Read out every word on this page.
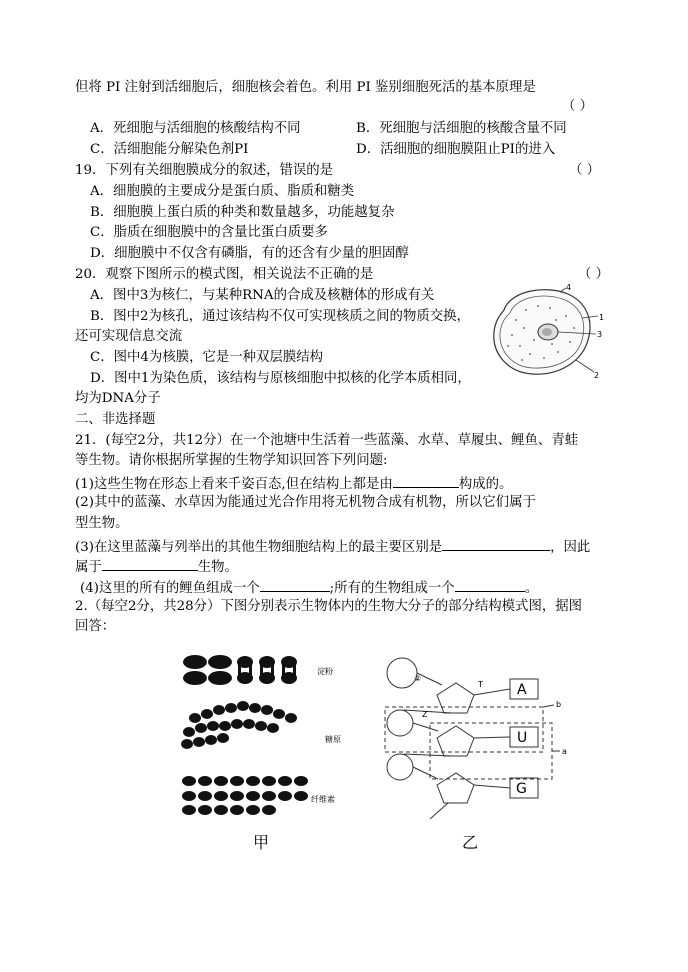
但将 PI 注射到活细胞后，细胞核会着色。利用 PI 鉴别细胞死活的基本原理是
（ ）
A．死细胞与活细胞的核酸结构不同	B．死细胞与活细胞的核酸含量不同
C．活细胞能分解染色剂PI	D．活细胞的细胞膜阻止PI的进入
19．下列有关细胞膜成分的叙述，错误的是	（ ）
A．细胞膜的主要成分是蛋白质、脂质和糖类
B．细胞膜上蛋白质的种类和数量越多，功能越复杂
C．脂质在细胞膜中的含量比蛋白质要多
D．细胞膜中不仅含有磷脂，有的还含有少量的胆固醇
20．观察下图所示的模式图，相关说法不正确的是	（ ）
A．图中3为核仁，与某种RNA的合成及核糖体的形成有关
B．图中2为核孔，通过该结构不仅可实现核质之间的物质交换，
还可实现信息交流
C．图中4为核膜，它是一种双层膜结构
D．图中1为染色质，该结构与原核细胞中拟核的化学本质相同，
均为DNA分子
4
1
3
2
二、非选择题
21．(每空2分，共12分）在一个池塘中生活着一些蓝藻、水草、草履虫、鲤鱼、青蛙
等生物。请你根据所掌握的生物学知识回答下列问题:
(1)这些生物在形态上看来千姿百态,但在结构上都是由	构成的。
(2)其中的蓝藻、水草因为能通过光合作用将无机物合成有机物，所以它们属于
型生物。
(3)在这里蓝藻与列举出的其他生物细胞结构上的最主要区别是	，因此
属于	生物。
(4)这里的所有的鲤鱼组成一个	;所有的生物组成一个	。
2.（每空2分，共28分）下图分别表示生物体内的生物大分子的部分结构模式图，据图
回答：
淀粉
糖原
纤维素
A
U
G
②
T
Z
b
a
甲	乙
